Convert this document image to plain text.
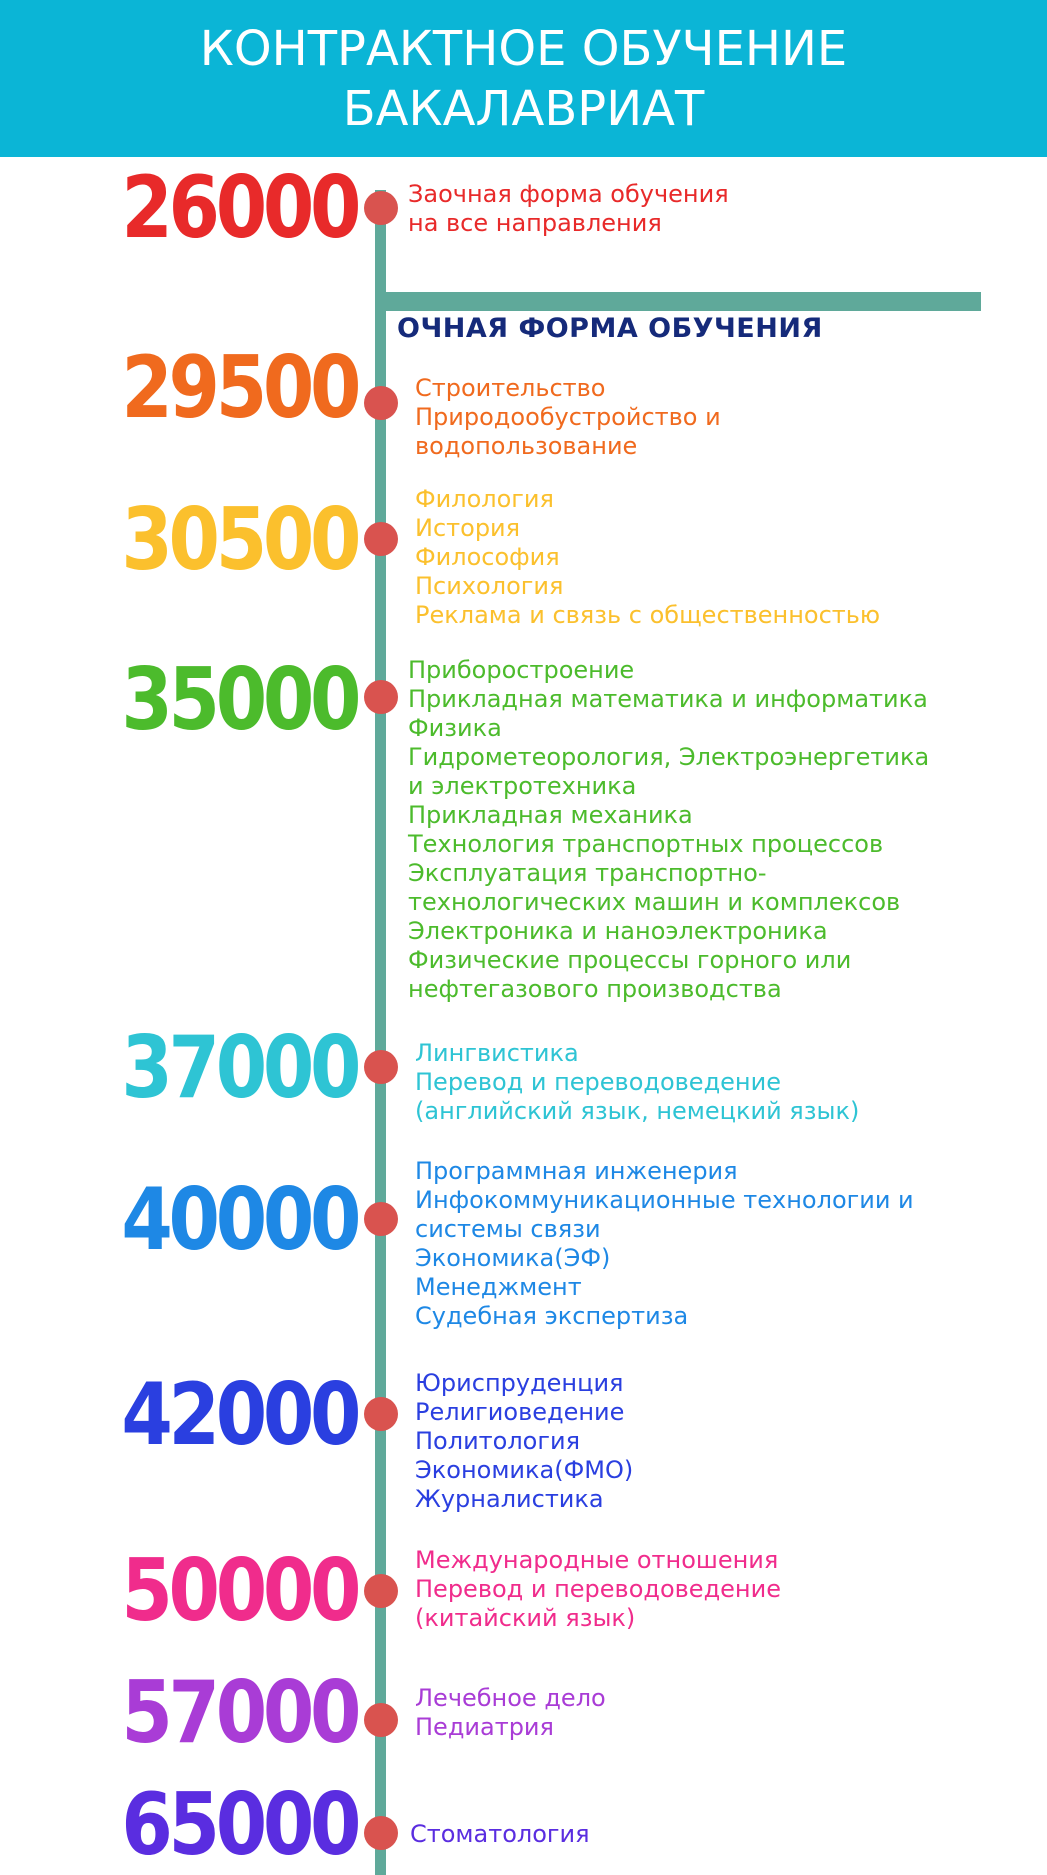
КОНТРАКТНОЕ ОБУЧЕНИЕ
БАКАЛАВРИАТ
ОЧНАЯ ФОРМА ОБУЧЕНИЯ
26000 Заочная форма обучения
на все направления
29500 Строительство
Природообустройство и
водопользование
30500 Филология
История
Философия
Психология
Реклама и связь с общественностью
35000 Приборостроение
Прикладная математика и информатика
Физика
Гидрометеорология, Электроэнергетика
и электротехника
Прикладная механика
Технология транспортных процессов
Эксплуатация транспортно-
технологических машин и комплексов
Электроника и наноэлектроника
Физические процессы горного или
нефтегазового производства
37000 Лингвистика
Перевод и переводоведение
(английский язык, немецкий язык)
40000 Программная инженерия
Инфокоммуникационные технологии и
системы связи
Экономика(ЭФ)
Менеджмент
Судебная экспертиза
42000 Юриспруденция
Религиоведение
Политология
Экономика(ФМО)
Журналистика
50000 Международные отношения
Перевод и переводоведение
(китайский язык)
57000 Лечебное дело
Педиатрия
65000 Стоматология
